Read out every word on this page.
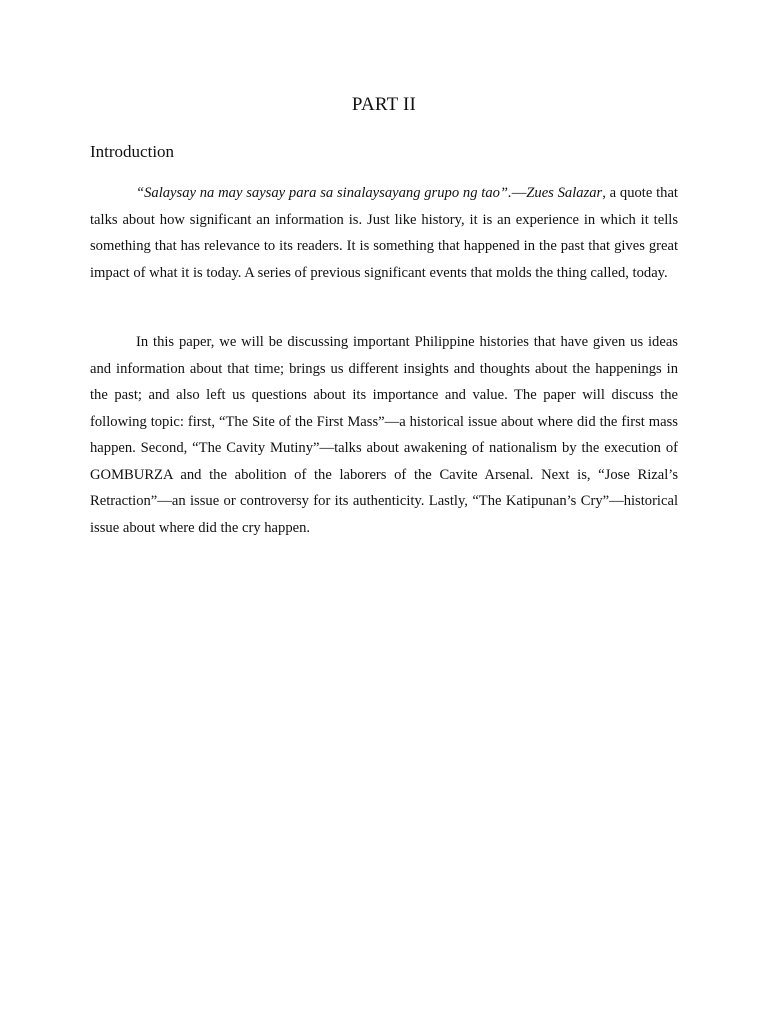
PART II
Introduction

“Salaysay na may saysay para sa sinalaysayang grupo ng tao”.—Zues Salazar, a quote that talks about how significant an information is. Just like history, it is an experience in which it tells something that has relevance to its readers. It is something that happened in the past that gives great impact of what it is today. A series of previous significant events that molds the thing called, today.

In this paper, we will be discussing important Philippine histories that have given us ideas and information about that time; brings us different insights and thoughts about the happenings in the past; and also left us questions about its importance and value. The paper will discuss the following topic: first, “The Site of the First Mass”—a historical issue about where did the first mass happen. Second, “The Cavity Mutiny”—talks about awakening of nationalism by the execution of GOMBURZA and the abolition of the laborers of the Cavite Arsenal. Next is, “Jose Rizal’s Retraction”—an issue or controversy for its authenticity. Lastly, “The Katipunan’s Cry”—historical issue about where did the cry happen.
